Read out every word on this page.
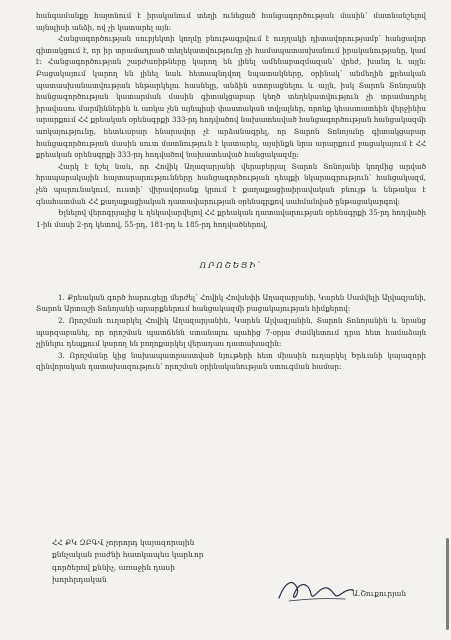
հանգամանքը հայտնում է իրականում տեղի ունեցած հանցագործության մասին՝ մատնանշելով այնպիսի անձի, ով չի կատարել այն։

Հանցագործության սուբյեկտի կողմը բնութագրվում է ուղղակի դիտավորությամբ՝ հանցավոր գիտակցում է, որ իր տրամադրած տեղեկատվությունը չի համապատասխանում իրականությանը, կամ է։ Հանցագործության շարժառիթները կարող են լինել ամենաբազմազան՝ վրեժ, խանդ և այլն։ Բացակայում կարող են լինել նաև հետապնդվող նպատակները, օրինակ՝ անմեղին քրեական պատասխանատվության ենթարկելու հասնելը, անձին ստորացնելու և այլն, իսկ Տարոն Տոնոյանի հանցագործության կատարման մասին գիտակցաբար կեղծ տեղեկատվություն չի տրամադրել իրավասու մարմիններին և առկա չեն այնպիսի փաստական տվյալներ, որոնք կհաստատեին վերջինիս արարքում ՀՀ քրեական օրենսգրքի 333-րդ հոդվածով նախատեսված հանցագործության հանցակազմի առկայությունը, հետևաբար հնարավոր չէ արձանագրել, որ Տարոն Տոնոյանը գիտակցաբար հանցագործության մասին սուտ մատնություն է կատարել, այսինքն նրա արարքում բացակայում է ՀՀ քրեական օրենսգրքի 333-րդ հոդվածով նախատեսված հանցակազմը։

Հարկ է նշել նաև, որ Հովիկ Աղազարյանի վերաբերյալ Տարոն Տոնոյանի կողմից արված հրապարակային հայտարարությունները հանցագործության դեպքի նկարագրություն՝ հանցակազմ, չեն պարունակում, ուստի՝ վիրավորանք կրում է քաղաքացիաիրավական բնույթ և ենթակա է գնահատման ՀՀ քաղաքացիական դատավարության օրենսգրքով սահմանված ընթացակարգով։

Ելնելով վերոգրյալից և ղեկավարվելով ՀՀ քրեական դատավարության օրենսգրքի 35-րդ հոդվածի 1-ին մասի 2-րդ կետով, 55-րդ, 181-րդ և 185-րդ հոդվածներով,

ՈՐՈՇԵՑԻ՝

1. Քրեական գործ հարուցելը մերժել՝ Հովիկ Հովսեփի Աղազարյանի, Կարեն Սամվելի Ալվազյանի, Տարոն Արտաշի Տոնոյանի արարքներում հանցակազմի բացակայության հիմքերով։

2. Որոշման ուղարկել Հովիկ Աղազարյանին, Կարեն Ալվազյանին, Տարոն Տոնոյանին և նրանց պարզաբանել, որ որոշման պատճենն ստանալու պահից 7-օրյա ժամկետում դրա հետ համաձայն չլինելու դեպքում կարող են բողոքարկել վերադաս դատախազին։

3. Որոշմանը կից նախապատրաստված նյութերի հետ միասին ուղարկել Երևանի կայազորի զինվորական դատախազություն՝ որոշման օրինականության ստուգման համար։

ՀՀ ՔԿ ԶԲԳՎ չորրորդ կայազորային
քննչական բաժնի հատկապես կարևոր
գործերով քննիչ, առաջին դասի
խորհրդական
Ա.Շուքուրյան
